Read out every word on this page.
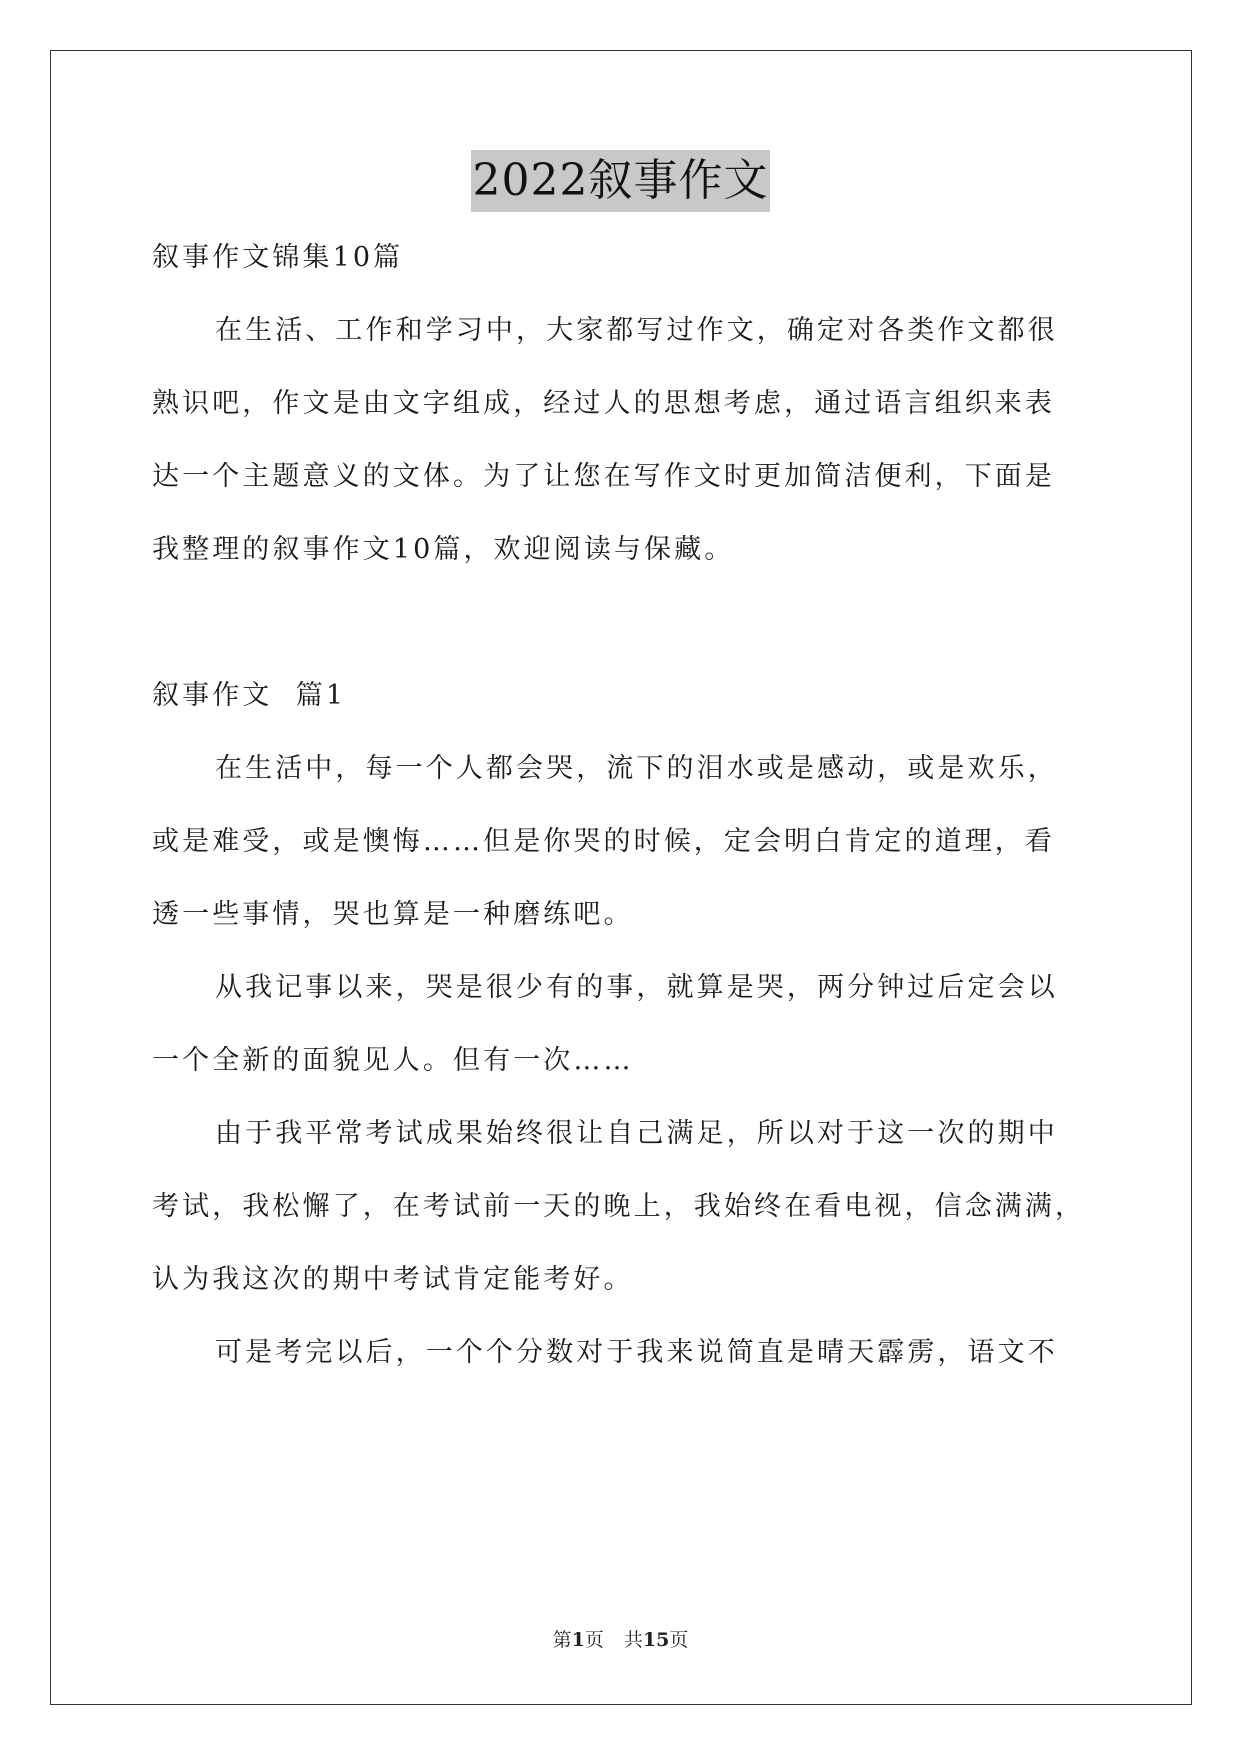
2022叙事作文
叙事作文锦集10篇
在生活、工作和学习中，大家都写过作文，确定对各类作文都很
熟识吧，作文是由文字组成，经过人的思想考虑，通过语言组织来表
达一个主题意义的文体。为了让您在写作文时更加简洁便利，下面是
我整理的叙事作文10篇，欢迎阅读与保藏。
叙事作文  篇1
在生活中，每一个人都会哭，流下的泪水或是感动，或是欢乐，
或是难受，或是懊悔……但是你哭的时候，定会明白肯定的道理，看
透一些事情，哭也算是一种磨练吧。
从我记事以来，哭是很少有的事，就算是哭，两分钟过后定会以
一个全新的面貌见人。但有一次……
由于我平常考试成果始终很让自己满足，所以对于这一次的期中
考试，我松懈了，在考试前一天的晚上，我始终在看电视，信念满满，
认为我这次的期中考试肯定能考好。
可是考完以后，一个个分数对于我来说简直是晴天霹雳，语文不
第1页 共15页
